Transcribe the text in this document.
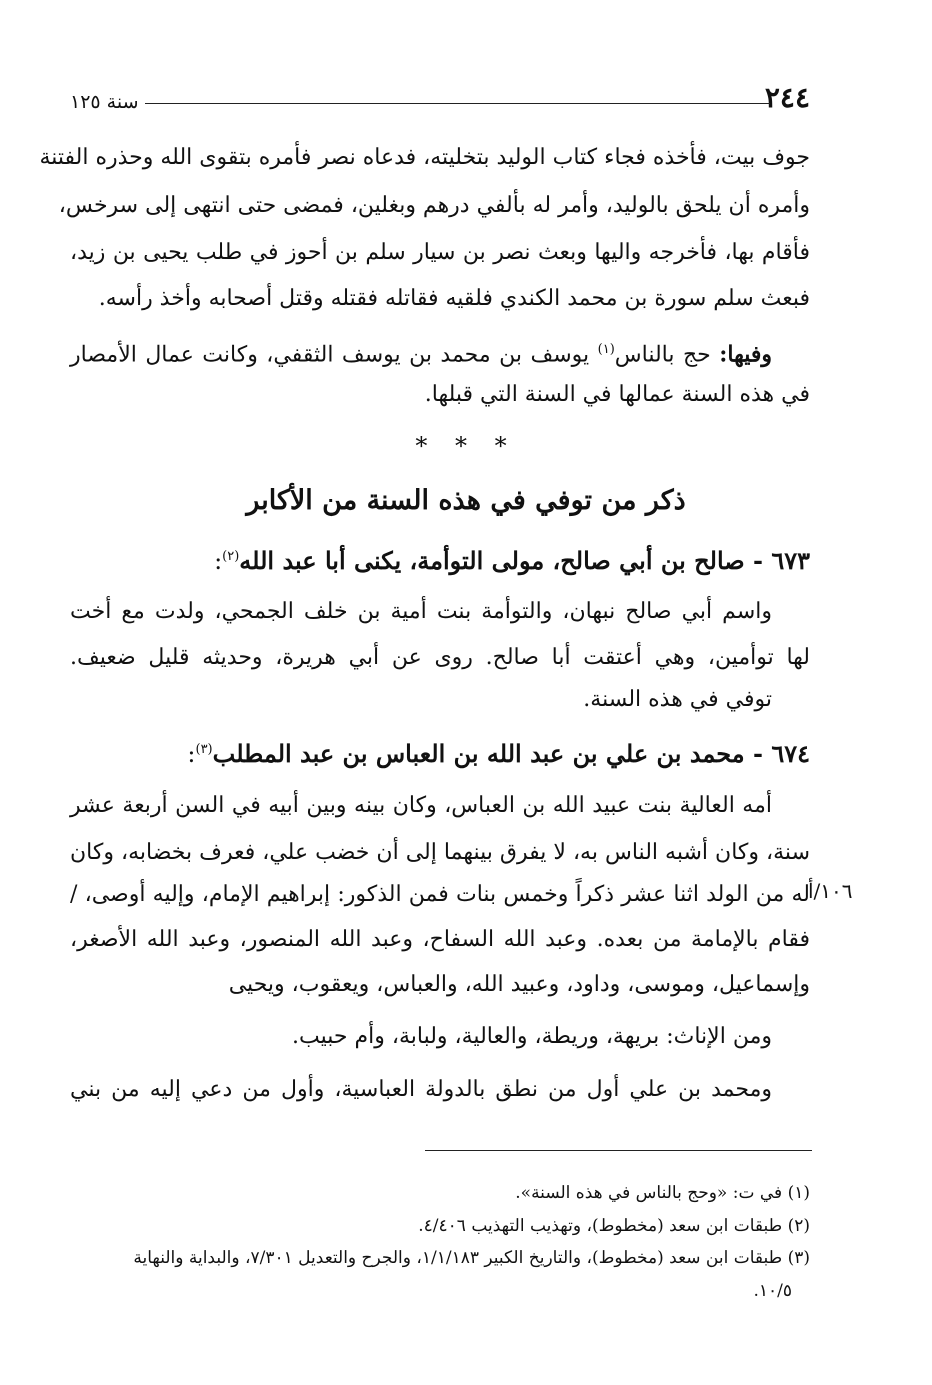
٢٤٤
سنة ١٢٥
جوف بيت، فأخذه فجاء كتاب الوليد بتخليته، فدعاه نصر فأمره بتقوى الله وحذره الفتنة
وأمره أن يلحق بالوليد، وأمر له بألفي درهم وبغلين، فمضى حتى انتهى إلى سرخس،
فأقام بها، فأخرجه واليها وبعث نصر بن سيار سلم بن أحوز في طلب يحيى بن زيد،
فبعث سلم سورة بن محمد الكندي فلقيه فقاتله فقتله وقتل أصحابه وأخذ رأسه.
وفيها: حج بالناس$^{(١)}$ يوسف بن محمد بن يوسف الثقفي، وكانت عمال الأمصار
في هذه السنة عمالها في السنة التي قبلها.
* * *
ذكر من توفي في هذه السنة من الأكابر
٦٧٣ - صالح بن أبي صالح، مولى التوأمة، يكنى أبا عبد الله$^{(٢)}$:
واسم أبي صالح نبهان، والتوأمة بنت أمية بن خلف الجمحي، ولدت مع أخت
لها توأمين، وهي أعتقت أبا صالح. روى عن أبي هريرة، وحديثه قليل ضعيف.
توفي في هذه السنة.
٦٧٤ - محمد بن علي بن عبد الله بن العباس بن عبد المطلب$^{(٣)}$:
أمه العالية بنت عبيد الله بن العباس، وكان بينه وبين أبيه في السن أربعة عشر
سنة، وكان أشبه الناس به، لا يفرق بينهما إلى أن خضب علي، فعرف بخضابه، وكان
له من الولد اثنا عشر ذكراً وخمس بنات فمن الذكور: إبراهيم الإمام، وإليه أوصى، /
١٠٦/أ
فقام بالإمامة من بعده. وعبد الله السفاح، وعبد الله المنصور، وعبد الله الأصغر،
وإسماعيل، وموسى، وداود، وعبيد الله، والعباس، ويعقوب، ويحيى
ومن الإناث: بريهة، وريطة، والعالية، ولبابة، وأم حبيب.
ومحمد بن علي أول من نطق بالدولة العباسية، وأول من دعي إليه من بني
(١) في ت: «وحج بالناس في هذه السنة».
(٢) طبقات ابن سعد (مخطوط)، وتهذيب التهذيب ٤/٤٠٦.
(٣) طبقات ابن سعد (مخطوط)، والتاريخ الكبير ١/١/١٨٣، والجرح والتعديل ٧/٣٠١، والبداية والنهاية
١٠/٥.
